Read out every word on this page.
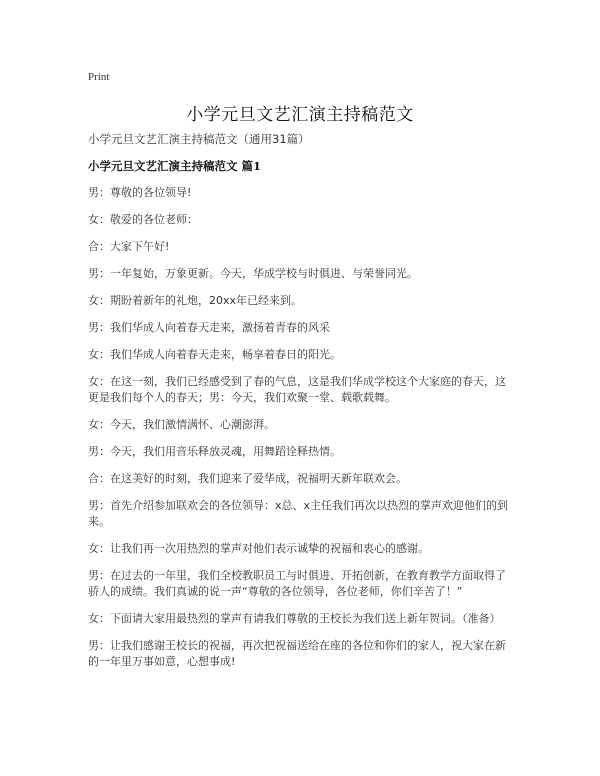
Print
小学元旦文艺汇演主持稿范文
小学元旦文艺汇演主持稿范文（通用31篇）
小学元旦文艺汇演主持稿范文 篇1

男：尊敬的各位领导!

女：敬爱的各位老师：

合：大家下午好!

男：一年复始，万象更新。今天，华成学校与时俱进、与荣誉同光。

女：期盼着新年的礼炮，20xx年已经来到。

男：我们华成人向着春天走来，激扬着青春的风采

女：我们华成人向着春天走来，畅享着春日的阳光。

女：在这一刻，我们已经感受到了春的气息，这是我们华成学校这个大家庭的春天，这更是我们每个人的春天；男：今天，我们欢聚一堂、载歌载舞。

女：今天，我们激情满怀、心潮澎湃。

男：今天，我们用音乐释放灵魂，用舞蹈诠释热情。

合：在这美好的时刻，我们迎来了爱华成，祝福明天新年联欢会。

男：首先介绍参加联欢会的各位领导：x总、x主任我们再次以热烈的掌声欢迎他们的到来。

女：让我们再一次用热烈的掌声对他们表示诚挚的祝福和衷心的感谢。

男：在过去的一年里，我们全校教职员工与时俱进、开拓创新，在教育教学方面取得了骄人的成绩。我们真诚的说一声“尊敬的各位领导，各位老师，你们辛苦了！”

女：下面请大家用最热烈的掌声有请我们尊敬的王校长为我们送上新年贺词。（准备）

男：让我们感谢王校长的祝福，再次把祝福送给在座的各位和你们的家人，祝大家在新的一年里万事如意，心想事成!
